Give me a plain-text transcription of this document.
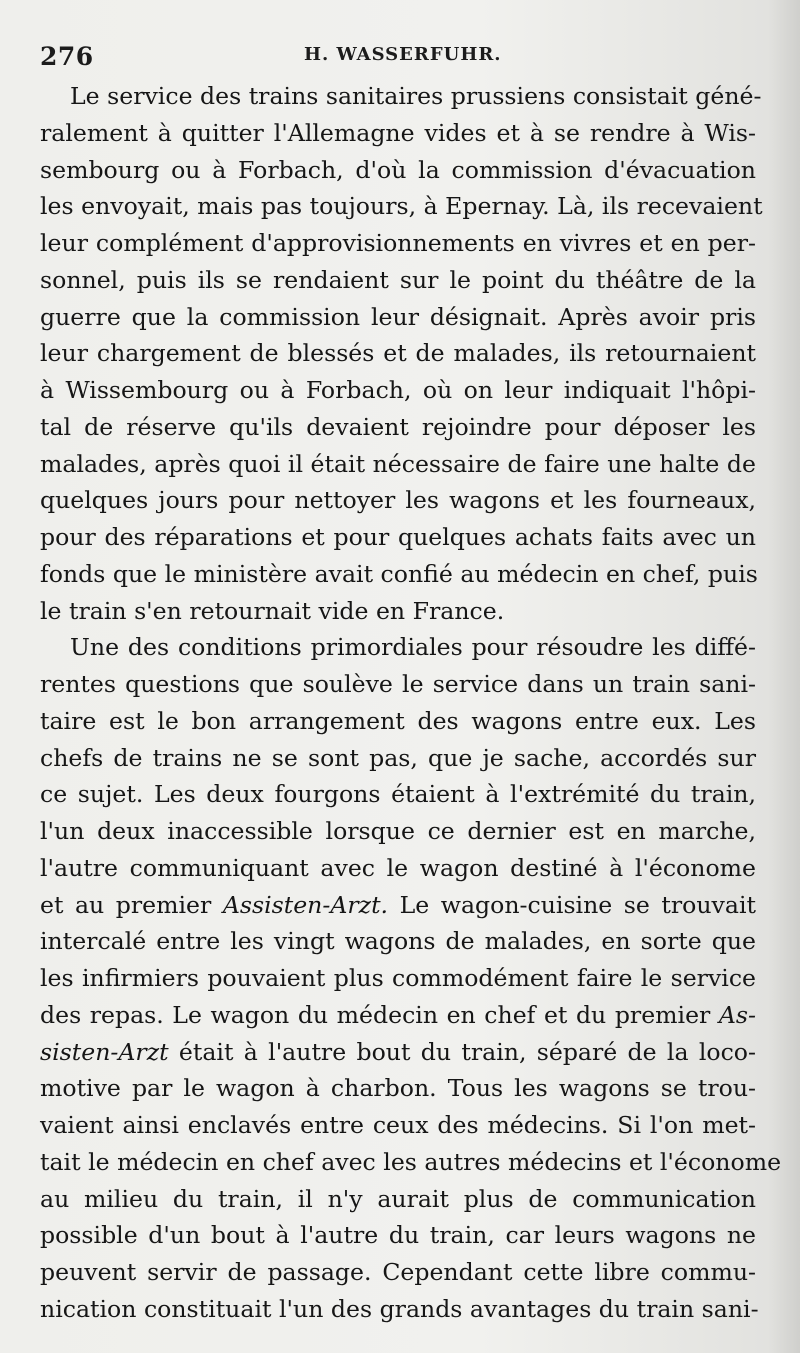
276	H. WASSERFUHR.
Le service des trains sanitaires prussiens consistait géné-
ralement à quitter l'Allemagne vides et à se rendre à Wis-
sembourg ou à Forbach, d'où la commission d'évacuation
les envoyait, mais pas toujours, à Epernay. Là, ils recevaient
leur complément d'approvisionnements en vivres et en per-
sonnel, puis ils se rendaient sur le point du théâtre de la
guerre que la commission leur désignait. Après avoir pris
leur chargement de blessés et de malades, ils retournaient
à Wissembourg ou à Forbach, où on leur indiquait l'hôpi-
tal de réserve qu'ils devaient rejoindre pour déposer les
malades, après quoi il était nécessaire de faire une halte de
quelques jours pour nettoyer les wagons et les fourneaux,
pour des réparations et pour quelques achats faits avec un
fonds que le ministère avait confié au médecin en chef, puis
le train s'en retournait vide en France.
Une des conditions primordiales pour résoudre les diffé-
rentes questions que soulève le service dans un train sani-
taire est le bon arrangement des wagons entre eux. Les
chefs de trains ne se sont pas, que je sache, accordés sur
ce sujet. Les deux fourgons étaient à l'extrémité du train,
l'un deux inaccessible lorsque ce dernier est en marche,
l'autre communiquant avec le wagon destiné à l'économe
et au premier Assisten-Arzt. Le wagon-cuisine se trouvait
intercalé entre les vingt wagons de malades, en sorte que
les infirmiers pouvaient plus commodément faire le service
des repas. Le wagon du médecin en chef et du premier As-
sisten-Arzt était à l'autre bout du train, séparé de la loco-
motive par le wagon à charbon. Tous les wagons se trou-
vaient ainsi enclavés entre ceux des médecins. Si l'on met-
tait le médecin en chef avec les autres médecins et l'économe
au milieu du train, il n'y aurait plus de communication
possible d'un bout à l'autre du train, car leurs wagons ne
peuvent servir de passage. Cependant cette libre commu-
nication constituait l'un des grands avantages du train sani-
